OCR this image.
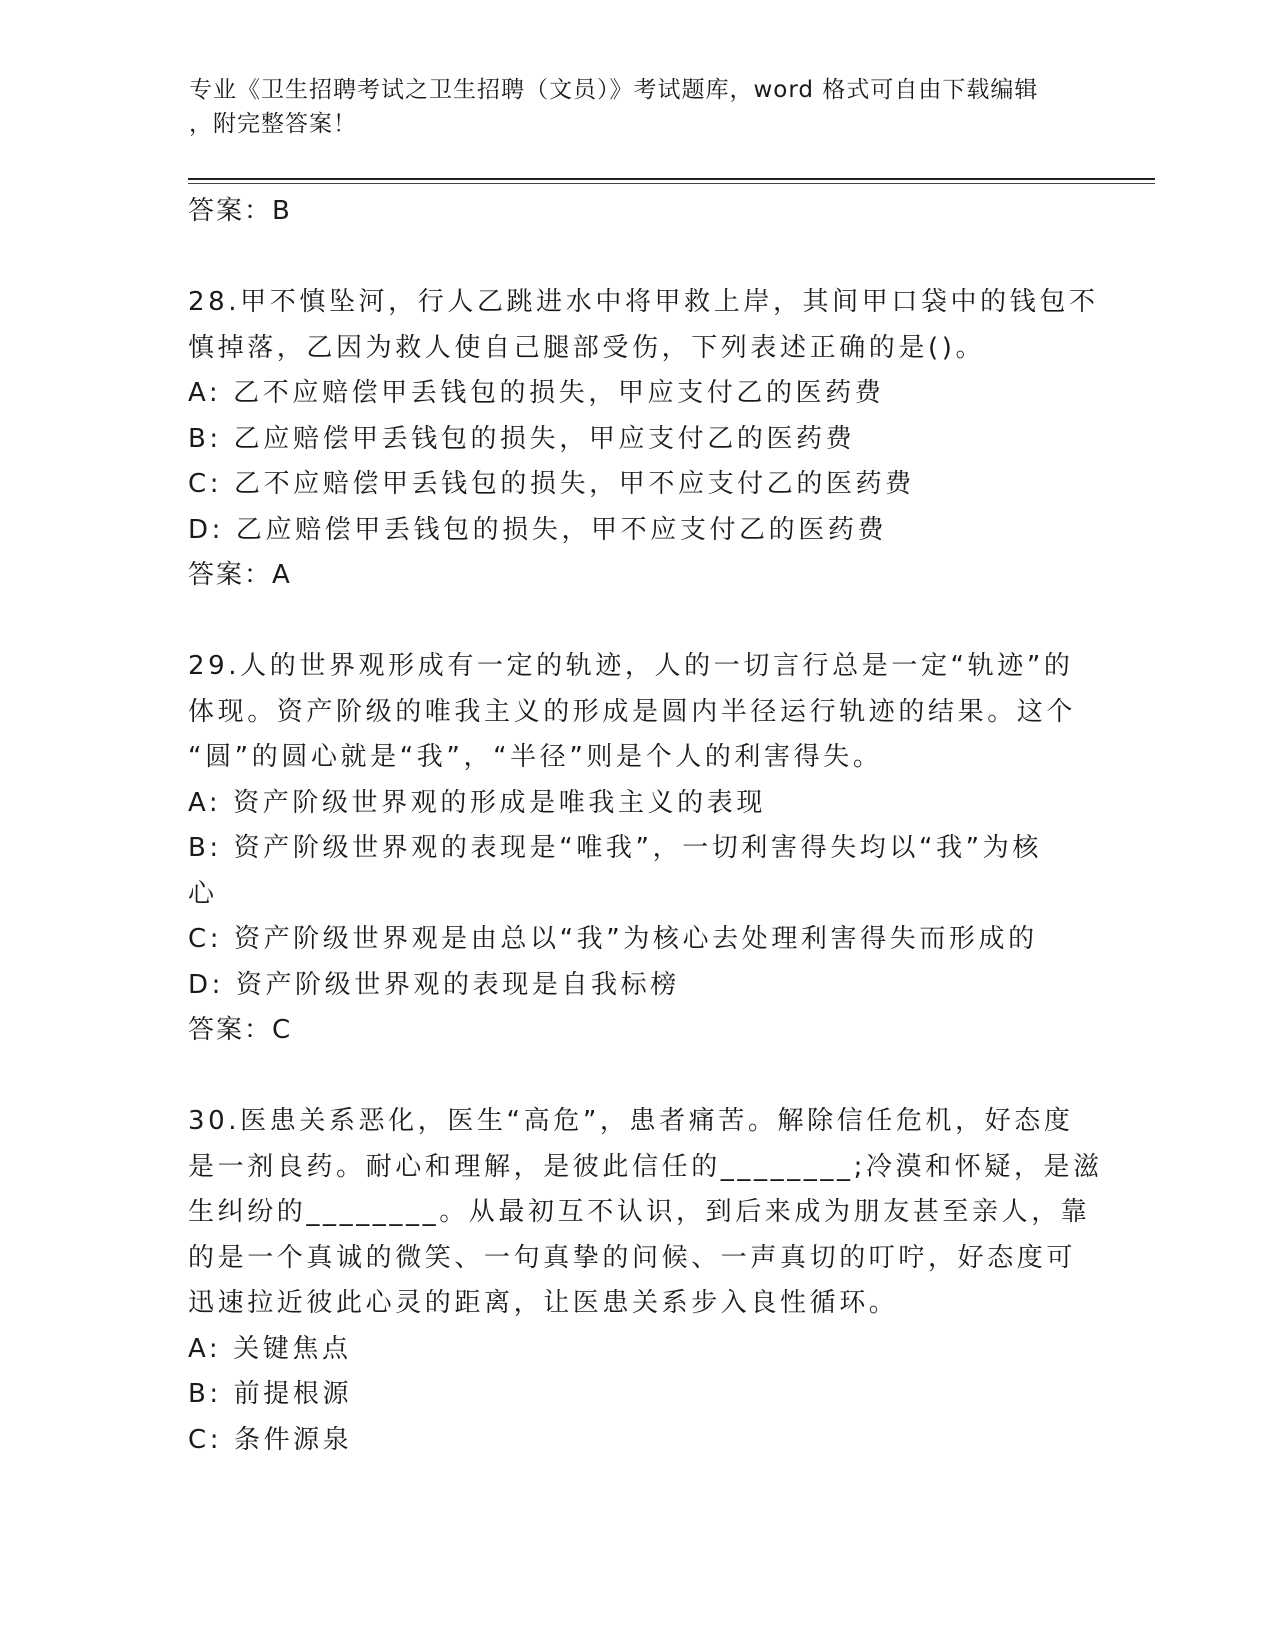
专业《卫生招聘考试之卫生招聘（文员）》考试题库，word 格式可自由下载编辑
，附完整答案！
答案：B
28.甲不慎坠河，行人乙跳进水中将甲救上岸，其间甲口袋中的钱包不
慎掉落，乙因为救人使自己腿部受伤，下列表述正确的是()。
A: 乙不应赔偿甲丢钱包的损失，甲应支付乙的医药费
B: 乙应赔偿甲丢钱包的损失，甲应支付乙的医药费
C: 乙不应赔偿甲丢钱包的损失，甲不应支付乙的医药费
D: 乙应赔偿甲丢钱包的损失，甲不应支付乙的医药费
答案：A
29.人的世界观形成有一定的轨迹，人的一切言行总是一定“轨迹”的
体现。资产阶级的唯我主义的形成是圆内半径运行轨迹的结果。这个
“圆”的圆心就是“我”，“半径”则是个人的利害得失。
A: 资产阶级世界观的形成是唯我主义的表现
B: 资产阶级世界观的表现是“唯我”，一切利害得失均以“我”为核
心
C: 资产阶级世界观是由总以“我”为核心去处理利害得失而形成的
D: 资产阶级世界观的表现是自我标榜
答案：C
30.医患关系恶化，医生“高危”，患者痛苦。解除信任危机，好态度
是一剂良药。耐心和理解，是彼此信任的________;冷漠和怀疑，是滋
生纠纷的________。从最初互不认识，到后来成为朋友甚至亲人，靠
的是一个真诚的微笑、一句真挚的问候、一声真切的叮咛，好态度可
迅速拉近彼此心灵的距离，让医患关系步入良性循环。
A: 关键焦点
B: 前提根源
C: 条件源泉
